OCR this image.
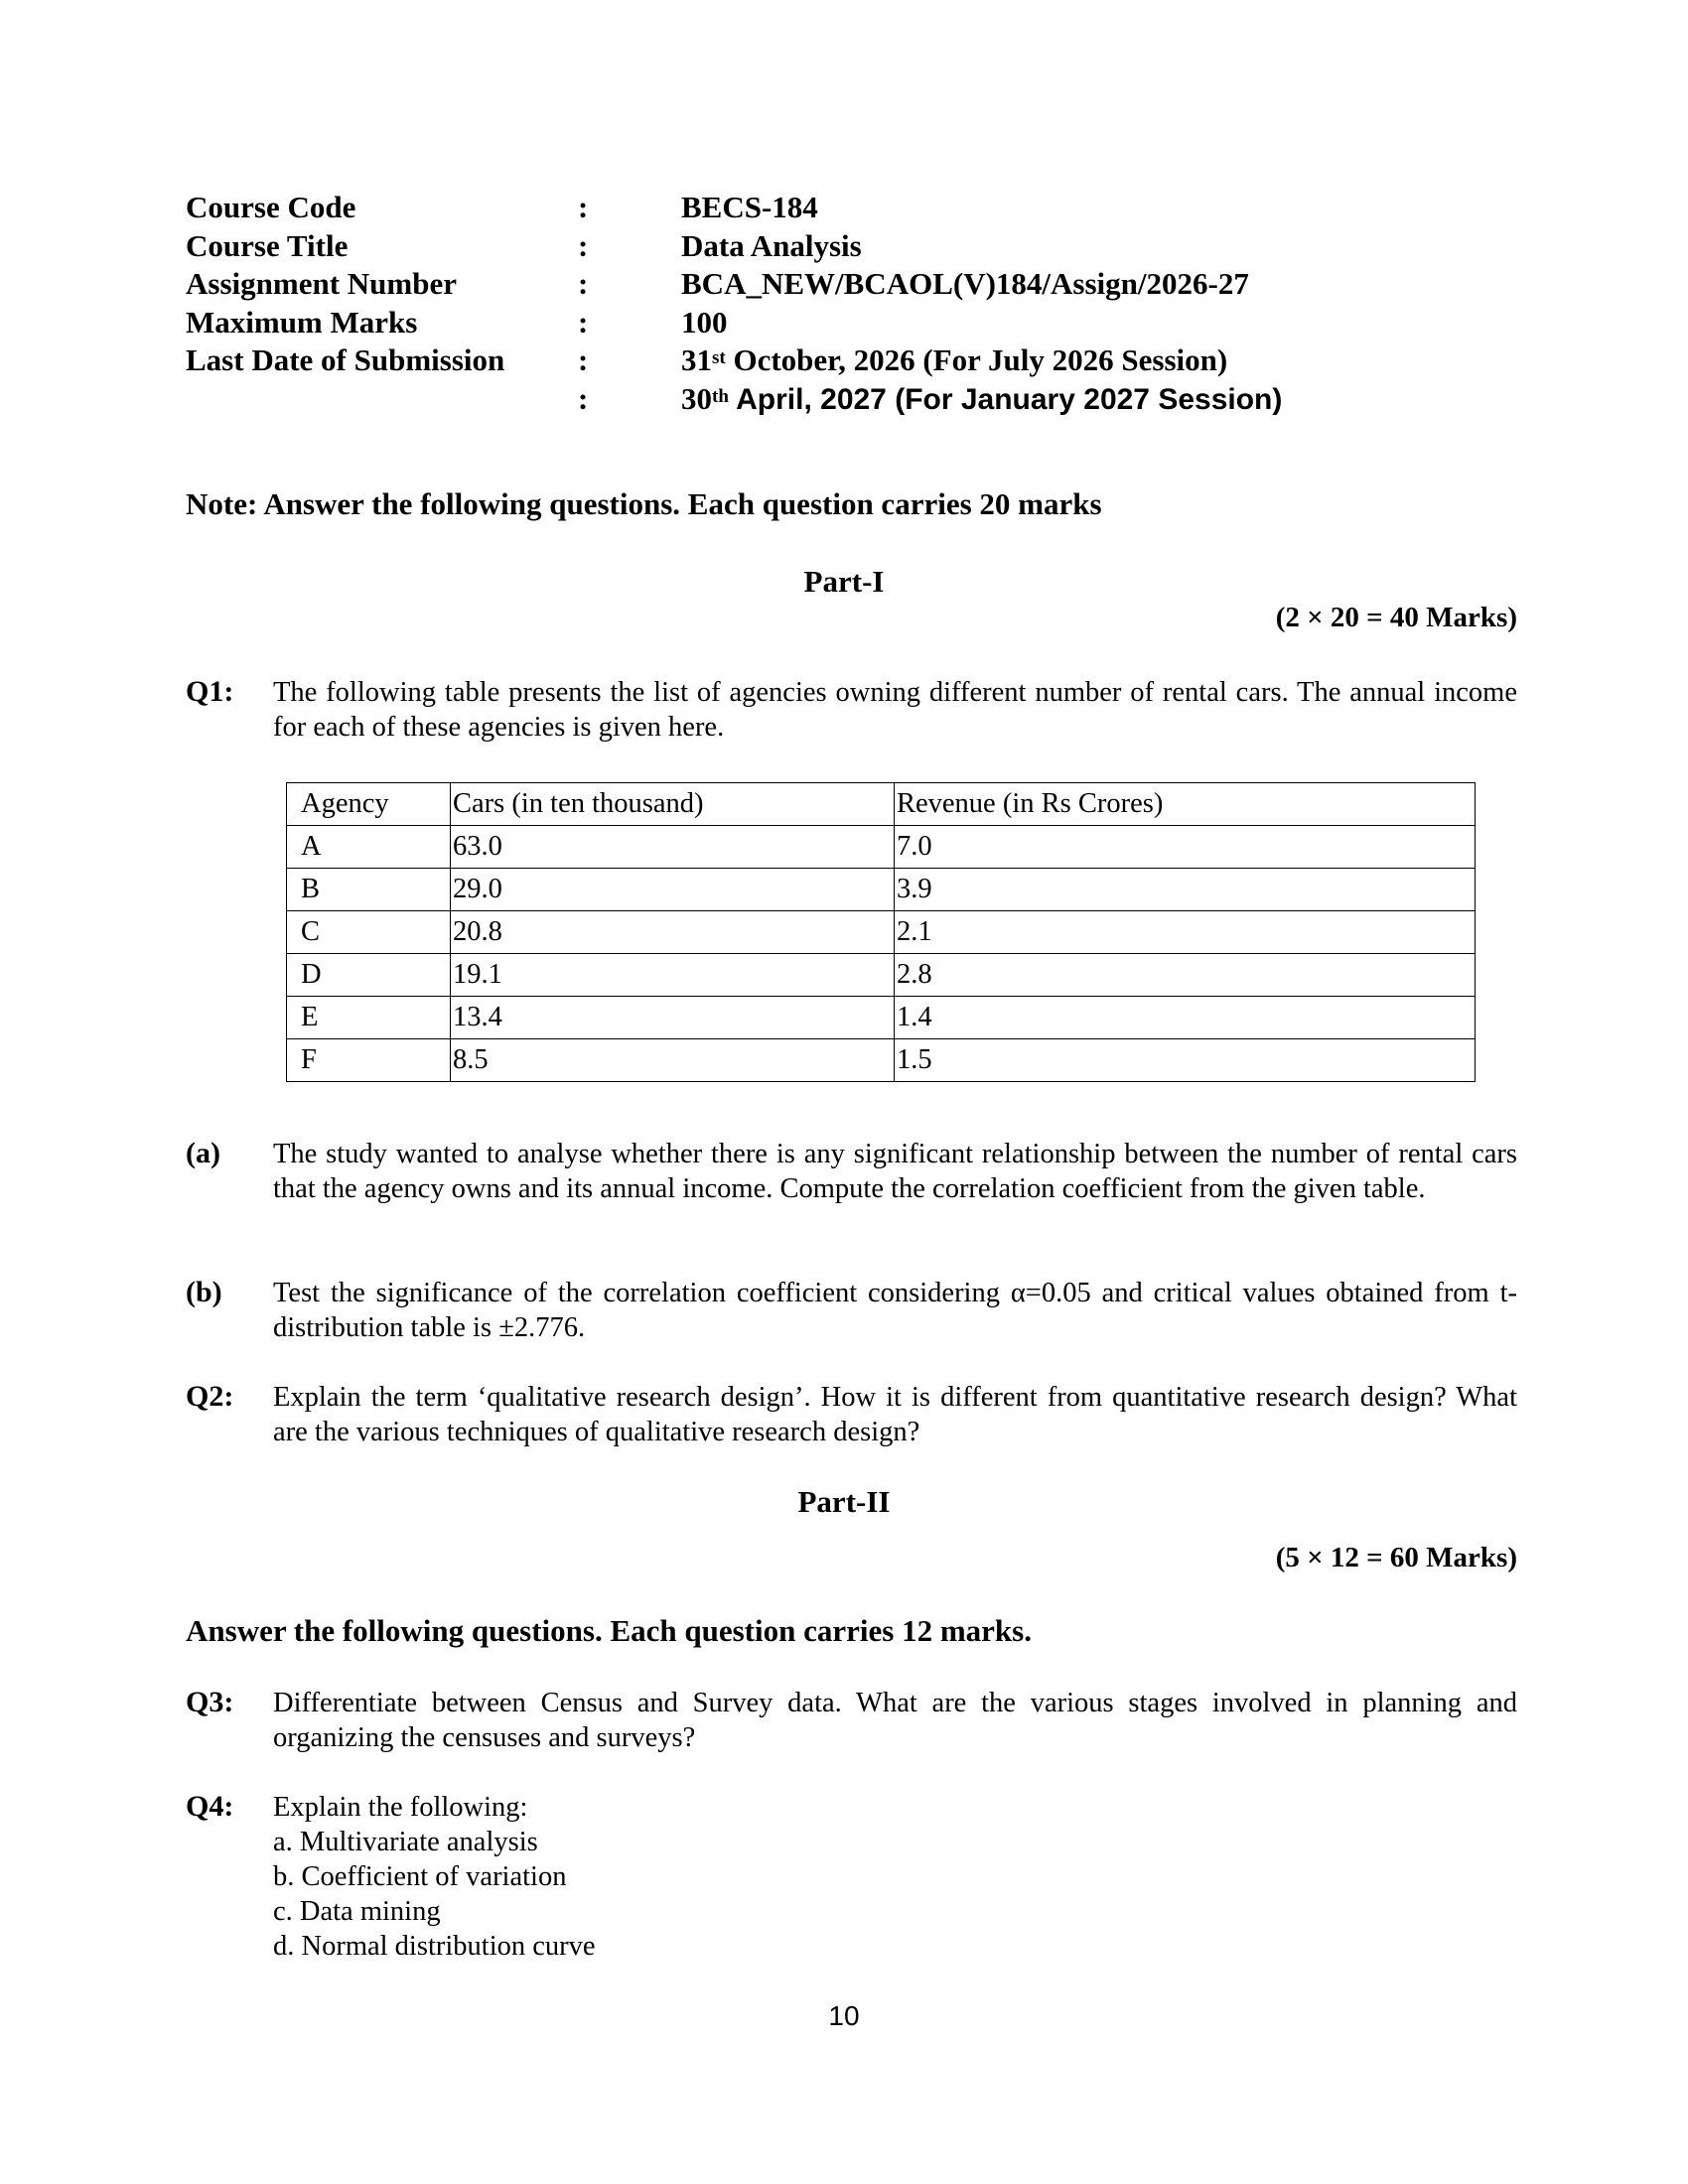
Course Code	:	BECS-184
Course Title	:	Data Analysis
Assignment Number	:	BCA_NEW/BCAOL(V)184/Assign/2026-27
Maximum Marks	:	100
Last Date of Submission :	31st October, 2026 (For July 2026 Session)
:	30th April, 2027 (For January 2027 Session)
Note: Answer the following questions. Each question carries 20 marks
Part-I
(2 × 20 = 40 Marks)
Q1: The following table presents the list of agencies owning different number of rental cars. The annual income for each of these agencies is given here.
Agency	Cars (in ten thousand)	Revenue (in Rs Crores)
A	63.0	7.0
B	29.0	3.9
C	20.8	2.1
D	19.1	2.8
E	13.4	1.4
F	8.5	1.5
(a) The study wanted to analyse whether there is any significant relationship between the number of rental cars that the agency owns and its annual income. Compute the correlation coefficient from the given table.
(b) Test the significance of the correlation coefficient considering α=0.05 and critical values obtained from t-distribution table is ±2.776.
Q2: Explain the term ‘qualitative research design’. How it is different from quantitative research design? What are the various techniques of qualitative research design?
Part-II
(5 × 12 = 60 Marks)
Answer the following questions. Each question carries 12 marks.
Q3: Differentiate between Census and Survey data. What are the various stages involved in planning and organizing the censuses and surveys?
Q4: Explain the following:
a. Multivariate analysis
b. Coefficient of variation
c. Data mining
d. Normal distribution curve
10
